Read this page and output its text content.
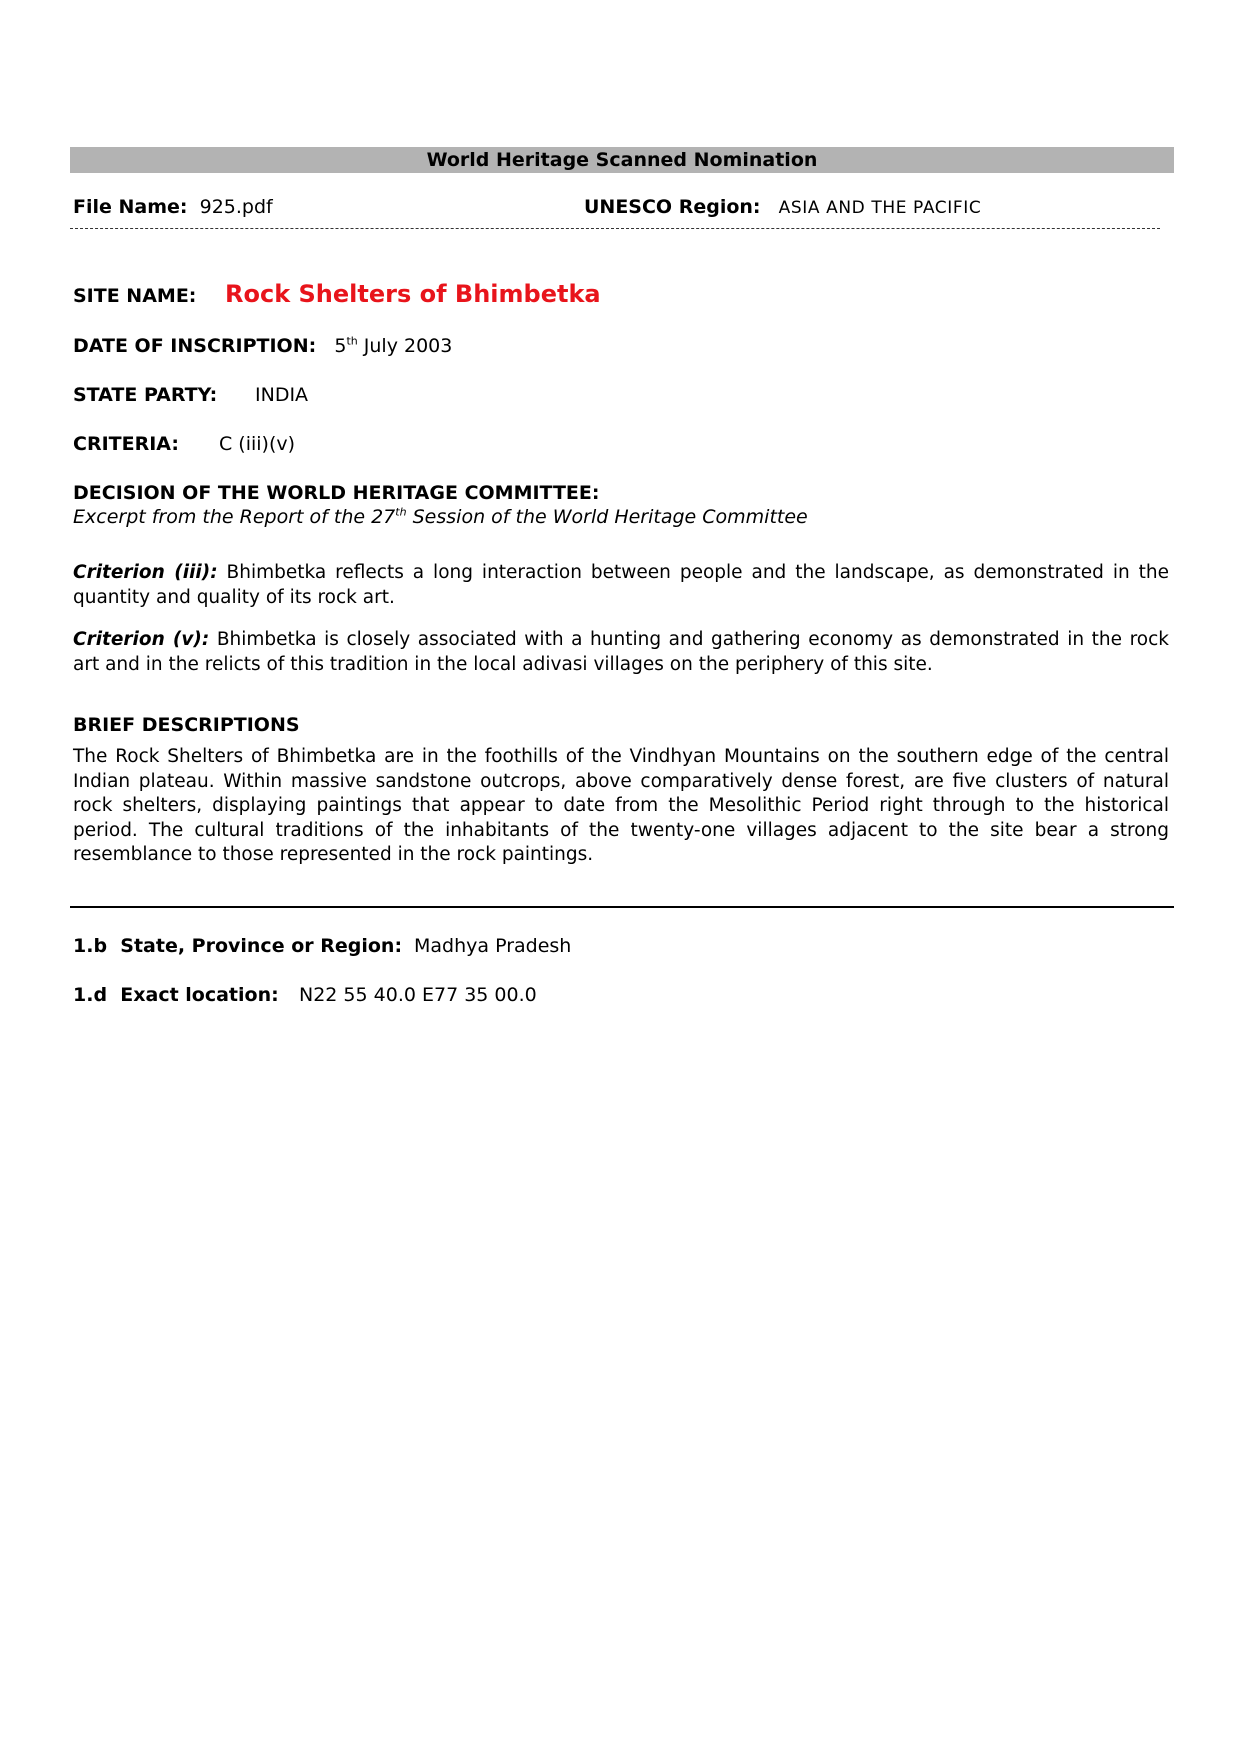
World Heritage Scanned Nomination
File Name: 925.pdf	UNESCO Region: ASIA AND THE PACIFIC
SITE NAME: Rock Shelters of Bhimbetka
DATE OF INSCRIPTION: 5th July 2003
STATE PARTY: INDIA
CRITERIA: C (iii)(v)
DECISION OF THE WORLD HERITAGE COMMITTEE:
Excerpt from the Report of the 27th Session of the World Heritage Committee
Criterion (iii): Bhimbetka reflects a long interaction between people and the landscape, as demonstrated in the quantity and quality of its rock art.
Criterion (v): Bhimbetka is closely associated with a hunting and gathering economy as demonstrated in the rock art and in the relicts of this tradition in the local adivasi villages on the periphery of this site.
BRIEF DESCRIPTIONS
The Rock Shelters of Bhimbetka are in the foothills of the Vindhyan Mountains on the southern edge of the central Indian plateau. Within massive sandstone outcrops, above comparatively dense forest, are five clusters of natural rock shelters, displaying paintings that appear to date from the Mesolithic Period right through to the historical period. The cultural traditions of the inhabitants of the twenty-one villages adjacent to the site bear a strong resemblance to those represented in the rock paintings.
1.b  State, Province or Region: Madhya Pradesh
1.d  Exact location: N22 55 40.0 E77 35 00.0
